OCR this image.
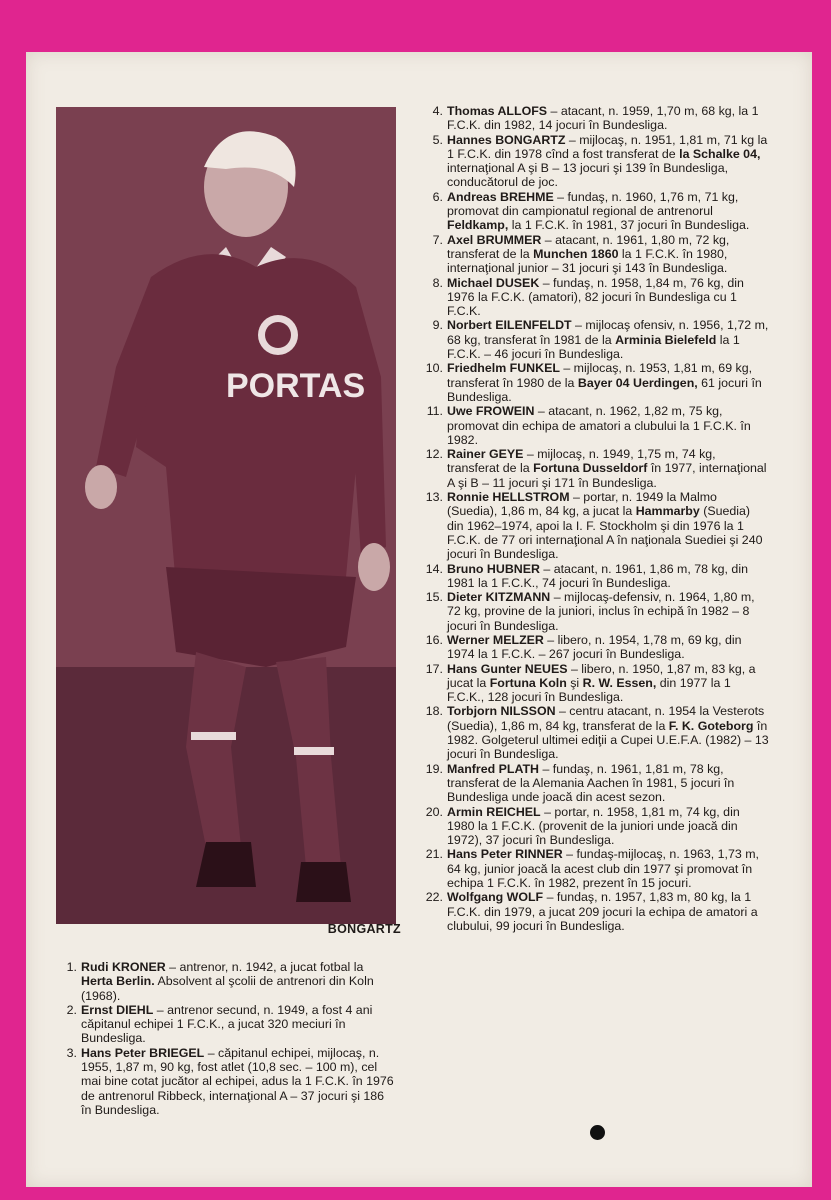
PORTAS
BONGARTZ
4. Thomas ALLOFS – atacant, n. 1959, 1,70 m, 68 kg, la 1 F.C.K. din 1982, 14 jocuri în Bundesliga.
5. Hannes BONGARTZ – mijlocaş, n. 1951, 1,81 m, 71 kg la 1 F.C.K. din 1978 cînd a fost transferat de la Schalke 04, internaţional A şi B – 13 jocuri şi 139 în Bundesliga, conducătorul de joc.
6. Andreas BREHME – fundaş, n. 1960, 1,76 m, 71 kg, promovat din campionatul regional de antrenorul Feldkamp, la 1 F.C.K. în 1981, 37 jocuri în Bundesliga.
7. Axel BRUMMER – atacant, n. 1961, 1,80 m, 72 kg, transferat de la Munchen 1860 la 1 F.C.K. în 1980, internaţional junior – 31 jocuri şi 143 în Bundesliga.
8. Michael DUSEK – fundaş, n. 1958, 1,84 m, 76 kg, din 1976 la F.C.K. (amatori), 82 jocuri în Bundesliga cu 1 F.C.K.
9. Norbert EILENFELDT – mijlocaş ofensiv, n. 1956, 1,72 m, 68 kg, transferat în 1981 de la Arminia Bielefeld la 1 F.C.K. – 46 jocuri în Bundesliga.
10. Friedhelm FUNKEL – mijlocaş, n. 1953, 1,81 m, 69 kg, transferat în 1980 de la Bayer 04 Uerdingen, 61 jocuri în Bundesliga.
11. Uwe FROWEIN – atacant, n. 1962, 1,82 m, 75 kg, promovat din echipa de amatori a clubului la 1 F.C.K. în 1982.
12. Rainer GEYE – mijlocaş, n. 1949, 1,75 m, 74 kg, transferat de la Fortuna Dusseldorf în 1977, internaţional A şi B – 11 jocuri şi 171 în Bundesliga.
13. Ronnie HELLSTROM – portar, n. 1949 la Malmo (Suedia), 1,86 m, 84 kg, a jucat la Hammarby (Suedia) din 1962–1974, apoi la I. F. Stockholm şi din 1976 la 1 F.C.K. de 77 ori internaţional A în naţionala Suediei şi 240 jocuri în Bundesliga.
14. Bruno HUBNER – atacant, n. 1961, 1,86 m, 78 kg, din 1981 la 1 F.C.K., 74 jocuri în Bundesliga.
15. Dieter KITZMANN – mijlocaş-defensiv, n. 1964, 1,80 m, 72 kg, provine de la juniori, inclus în echipă în 1982 – 8 jocuri în Bundesliga.
16. Werner MELZER – libero, n. 1954, 1,78 m, 69 kg, din 1974 la 1 F.C.K. – 267 jocuri în Bundesliga.
17. Hans Gunter NEUES – libero, n. 1950, 1,87 m, 83 kg, a jucat la Fortuna Koln şi R. W. Essen, din 1977 la 1 F.C.K., 128 jocuri în Bundesliga.
18. Torbjorn NILSSON – centru atacant, n. 1954 la Vesterots (Suedia), 1,86 m, 84 kg, transferat de la F. K. Goteborg în 1982. Golgeterul ultimei ediţii a Cupei U.E.F.A. (1982) – 13 jocuri în Bundesliga.
19. Manfred PLATH – fundaş, n. 1961, 1,81 m, 78 kg, transferat de la Alemania Aachen în 1981, 5 jocuri în Bundesliga unde joacă din acest sezon.
20. Armin REICHEL – portar, n. 1958, 1,81 m, 74 kg, din 1980 la 1 F.C.K. (provenit de la juniori unde joacă din 1972), 37 jocuri în Bundesliga.
21. Hans Peter RINNER – fundaş-mijlocaş, n. 1963, 1,73 m, 64 kg, junior joacă la acest club din 1977 şi promovat în echipa 1 F.C.K. în 1982, prezent în 15 jocuri.
22. Wolfgang WOLF – fundaş, n. 1957, 1,83 m, 80 kg, la 1 F.C.K. din 1979, a jucat 209 jocuri la echipa de amatori a clubului, 99 jocuri în Bundesliga.
1. Rudi KRONER – antrenor, n. 1942, a jucat fotbal la Herta Berlin. Absolvent al şcolii de antrenori din Koln (1968).
2. Ernst DIEHL – antrenor secund, n. 1949, a fost 4 ani căpitanul echipei 1 F.C.K., a jucat 320 meciuri în Bundesliga.
3. Hans Peter BRIEGEL – căpitanul echipei, mijlocaş, n. 1955, 1,87 m, 90 kg, fost atlet (10,8 sec. – 100 m), cel mai bine cotat jucător al echipei, adus la 1 F.C.K. în 1976 de antrenorul Ribbeck, internaţional A – 37 jocuri şi 186 în Bundesliga.
